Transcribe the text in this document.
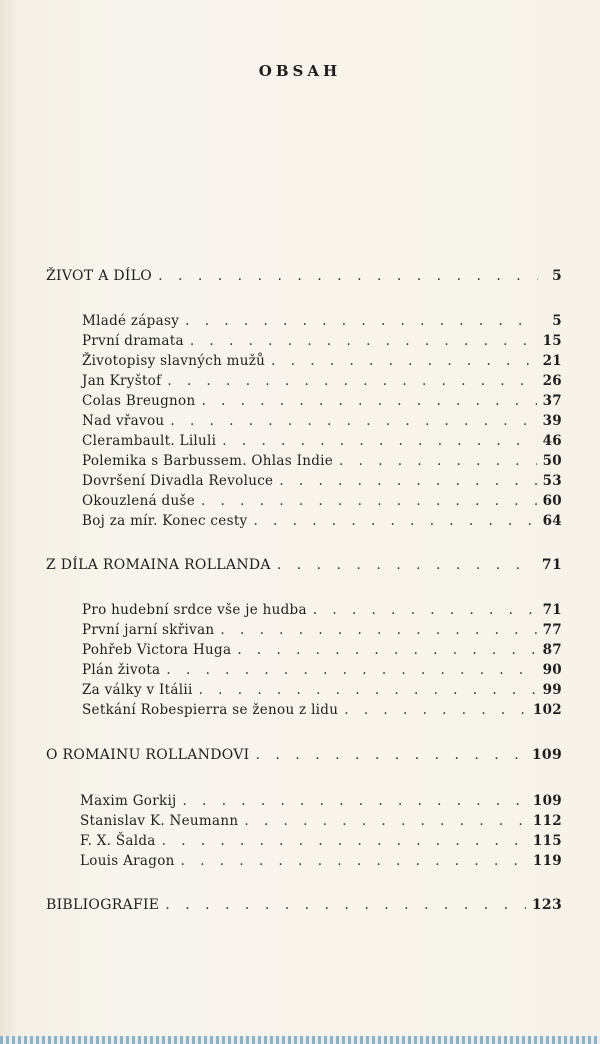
OBSAH
ŽIVOT A DÍLO . . .	5
Mladé zápasy . . .	5
První dramata . . .	15
Životopisy slavných mužů . . .	21
Jan Kryštof . . .	26
Colas Breugnon . . .	37
Nad vřavou . . .	39
Clerambault. Liluli . . .	46
Polemika s Barbussem. Ohlas Indie . . .	50
Dovršení Divadla Revoluce . . .	53
Okouzlená duše . . .	60
Boj za mír. Konec cesty . . .	64
Z DÍLA ROMAINA ROLLANDA . . .	71
Pro hudební srdce vše je hudba . . .	71
První jarní skřivan . . .	77
Pohřeb Victora Huga . . .	87
Plán života . . .	90
Za války v Itálii . . .	99
Setkání Robespierra se ženou z lidu . . .	102
O ROMAINU ROLLANDOVI . . .	109
Maxim Gorkij . . .	109
Stanislav K. Neumann . . .	112
F. X. Šalda . . .	115
Louis Aragon . . .	119
BIBLIOGRAFIE . . .	123
